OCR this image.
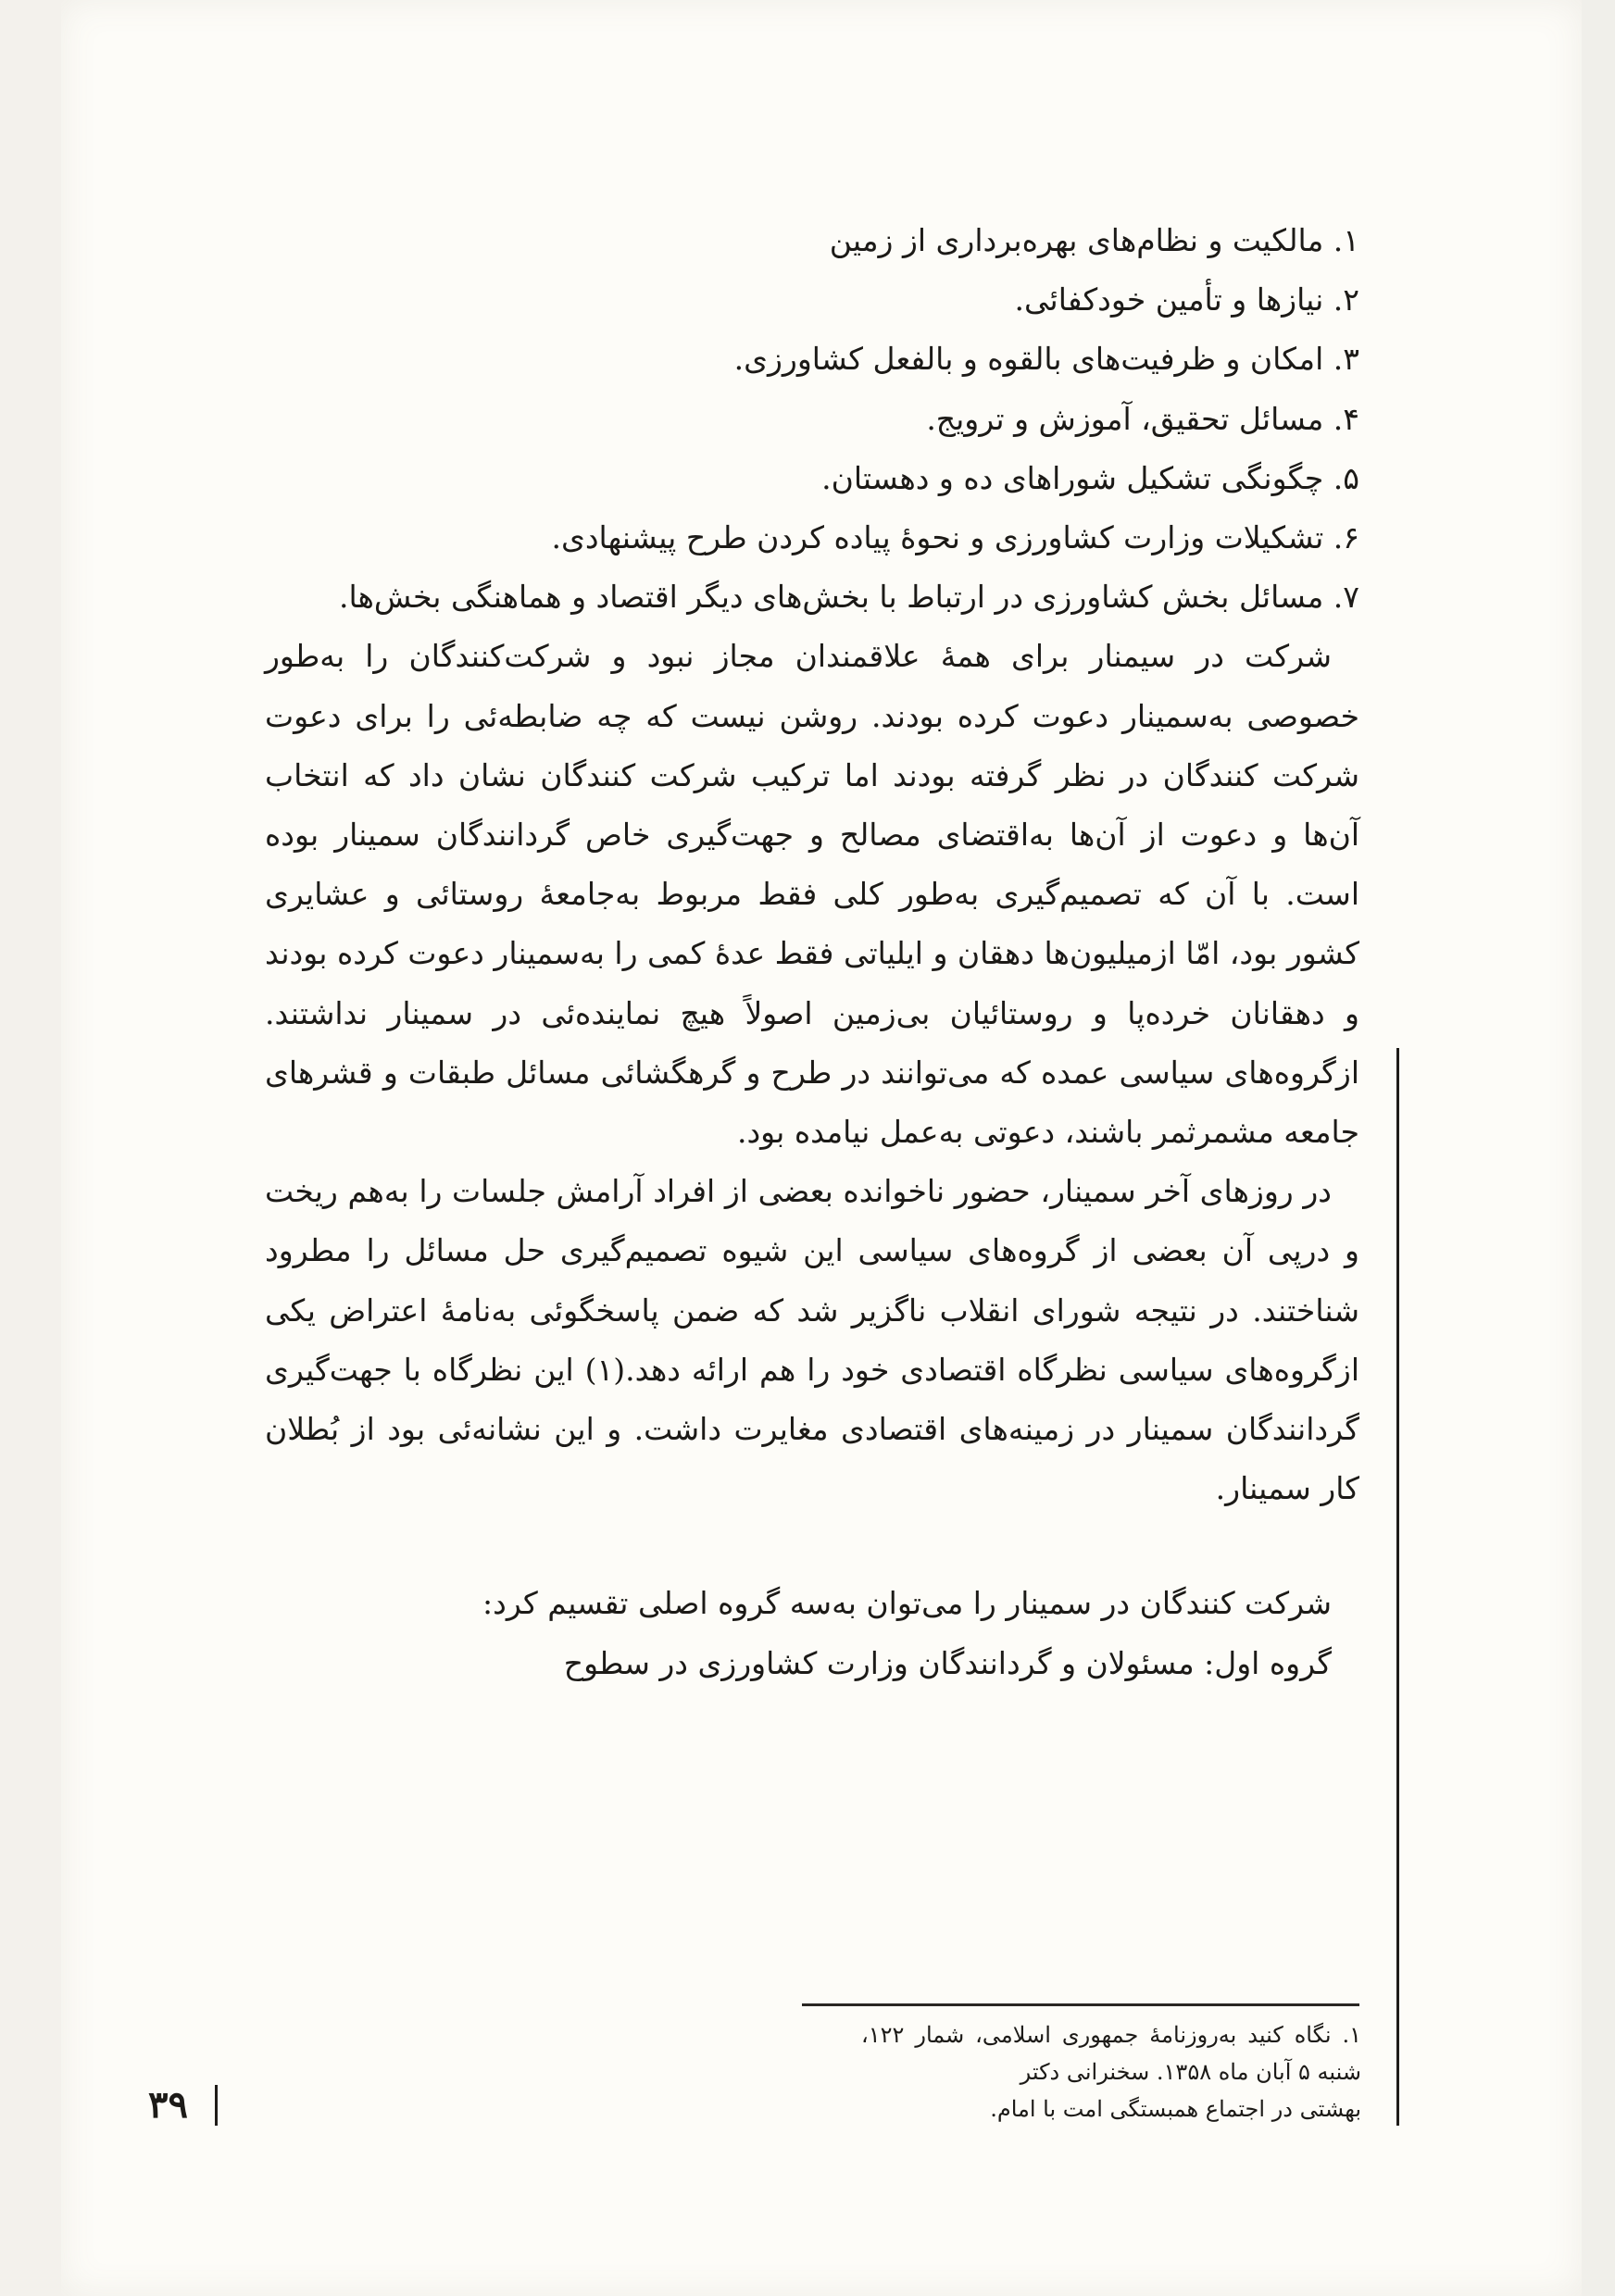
۱. مالکیت و نظام‌های بهره‌برداری از زمین
۲. نیازها و تأمین خودکفائی.
۳. امکان و ظرفیت‌های بالقوه و بالفعل کشاورزی.
۴. مسائل تحقیق، آموزش و ترویج.
۵. چگونگی تشکیل شوراهای ده و دهستان.
۶. تشکیلات وزارت کشاورزی و نحوهٔ پیاده کردن طرح پیشنهادی.
۷. مسائل بخش کشاورزی در ارتباط با بخش‌های دیگر اقتصاد و هماهنگی بخش‌ها.

شرکت در سیمنار برای همهٔ علاقمندان مجاز نبود و شرکت‌کنندگان را به‌طور خصوصی به‌سمینار دعوت کرده بودند. روشن نیست که چه ضابطه‌ئی را برای دعوت شرکت کنندگان در نظر گرفته بودند اما ترکیب شرکت کنندگان نشان داد که انتخاب آن‌ها و دعوت از آن‌ها به‌اقتضای مصالح و جهت‌گیری خاص گردانندگان سمینار بوده است. با آن که تصمیم‌گیری به‌طور کلی فقط مربوط به‌جامعهٔ روستائی و عشایری کشور بود، امّا ازمیلیون‌ها دهقان و ایلیاتی فقط عدهٔ کمی را به‌سمینار دعوت کرده بودند و دهقانان خرده‌پا و روستائیان بی‌زمین اصولاً هیچ نماینده‌ئی در سمینار نداشتند. ازگروه‌های سیاسی عمده که می‌توانند در طرح و گرهگشائی مسائل طبقات و قشرهای جامعه مشمرثمر باشند، دعوتی به‌عمل نیامده بود.

در روزهای آخر سمینار، حضور ناخوانده بعضی از افراد آرامش جلسات را به‌هم ریخت و درپی آن بعضی از گروه‌های سیاسی این شیوه تصمیم‌گیری حل مسائل را مطرود شناختند. در نتیجه شورای انقلاب ناگزیر شد که ضمن پاسخگوئی به‌نامهٔ اعتراض یکی ازگروه‌های سیاسی نظرگاه اقتصادی خود را هم ارائه دهد.(۱) این نظرگاه با جهت‌گیری گردانندگان سمینار در زمینه‌های اقتصادی مغایرت داشت. و این نشانه‌ئی بود از بُطلان کار سمینار.

شرکت کنندگان در سمینار را می‌توان به‌سه گروه اصلی تقسیم کرد:

گروه اول: مسئولان و گردانندگان وزارت کشاورزی در سطوح

۱. نگاه کنید به‌روزنامهٔ جمهوری اسلامی، شمار ۱۲۲، شنبه ۵ آبان ماه ۱۳۵۸. سخنرانی دکتر

بهشتی در اجتماع همبستگی امت با امام.

۳۹
